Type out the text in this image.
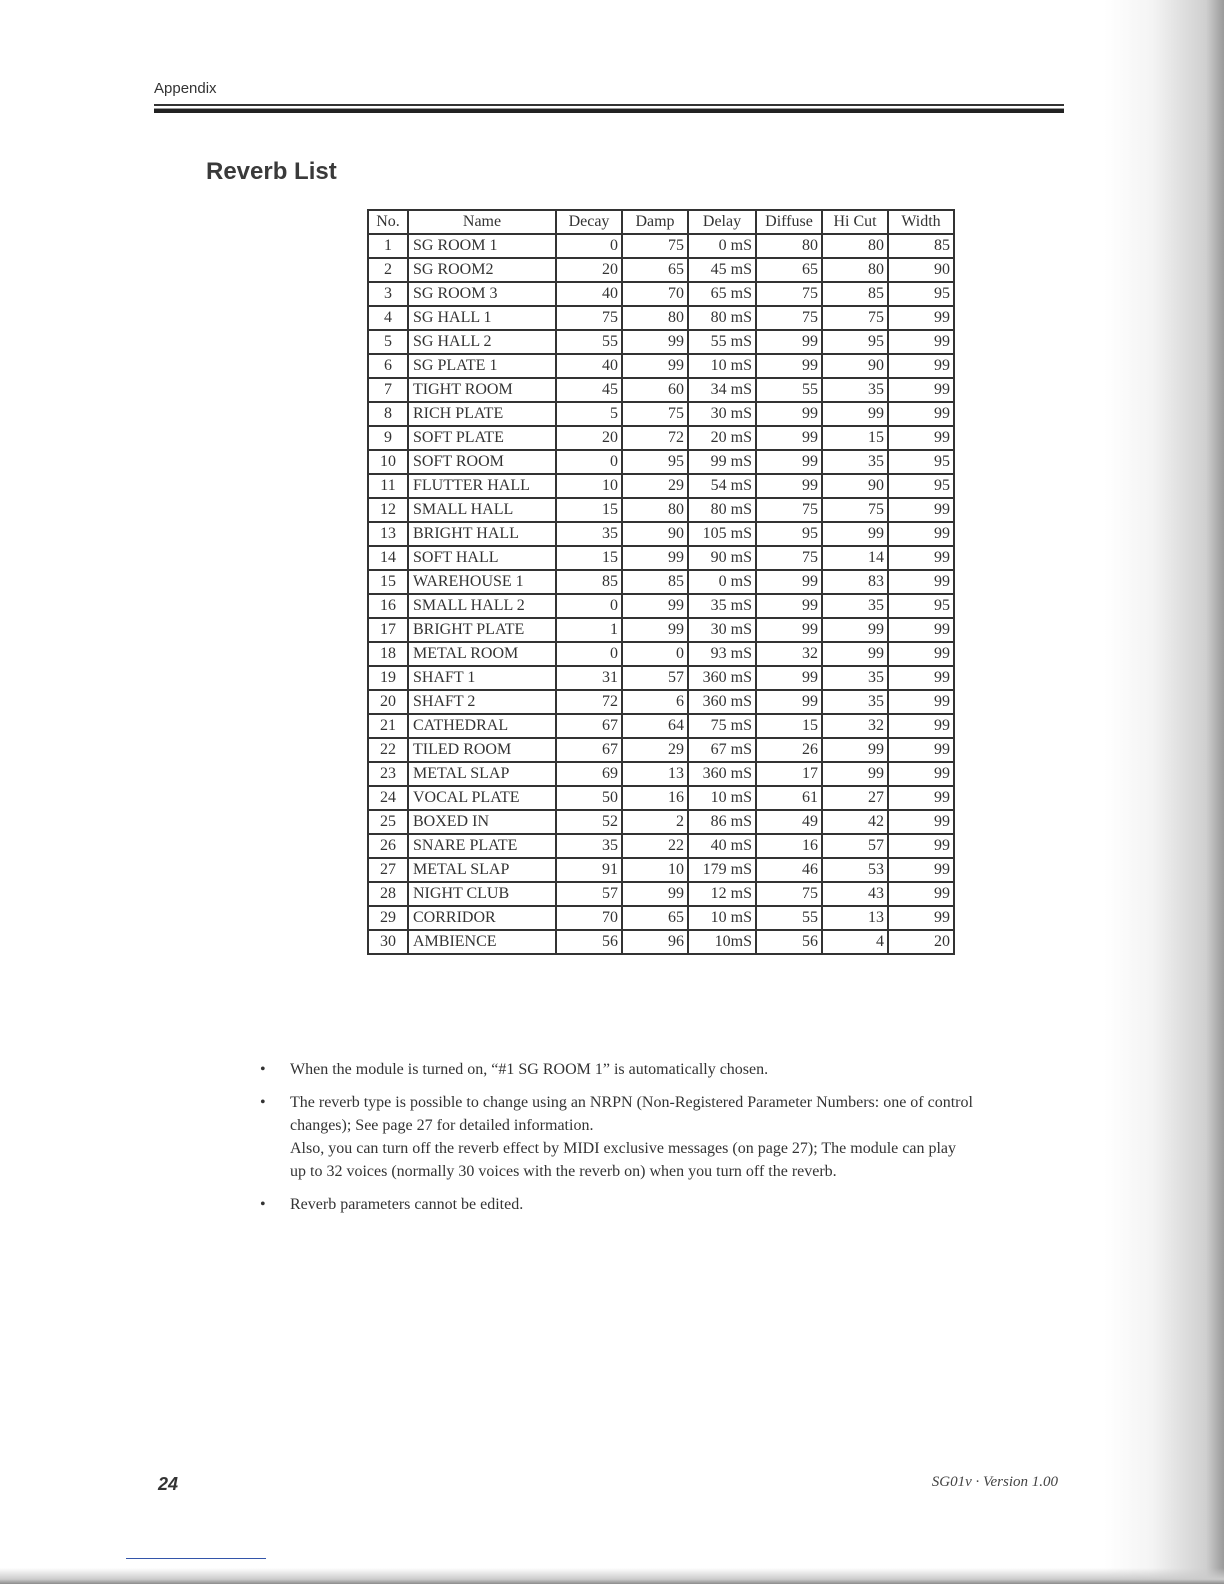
Appendix
Reverb List
No.	Name	Decay	Damp	Delay	Diffuse	Hi Cut	Width
1	SG ROOM 1	0	75	0 mS	80	80	85
2	SG ROOM2	20	65	45 mS	65	80	90
3	SG ROOM 3	40	70	65 mS	75	85	95
4	SG HALL 1	75	80	80 mS	75	75	99
5	SG HALL 2	55	99	55 mS	99	95	99
6	SG PLATE 1	40	99	10 mS	99	90	99
7	TIGHT ROOM	45	60	34 mS	55	35	99
8	RICH PLATE	5	75	30 mS	99	99	99
9	SOFT PLATE	20	72	20 mS	99	15	99
10	SOFT ROOM	0	95	99 mS	99	35	95
11	FLUTTER HALL	10	29	54 mS	99	90	95
12	SMALL HALL	15	80	80 mS	75	75	99
13	BRIGHT HALL	35	90	105 mS	95	99	99
14	SOFT HALL	15	99	90 mS	75	14	99
15	WAREHOUSE 1	85	85	0 mS	99	83	99
16	SMALL HALL 2	0	99	35 mS	99	35	95
17	BRIGHT PLATE	1	99	30 mS	99	99	99
18	METAL ROOM	0	0	93 mS	32	99	99
19	SHAFT 1	31	57	360 mS	99	35	99
20	SHAFT 2	72	6	360 mS	99	35	99
21	CATHEDRAL	67	64	75 mS	15	32	99
22	TILED ROOM	67	29	67 mS	26	99	99
23	METAL SLAP	69	13	360 mS	17	99	99
24	VOCAL PLATE	50	16	10 mS	61	27	99
25	BOXED IN	52	2	86 mS	49	42	99
26	SNARE PLATE	35	22	40 mS	16	57	99
27	METAL SLAP	91	10	179 mS	46	53	99
28	NIGHT CLUB	57	99	12 mS	75	43	99
29	CORRIDOR	70	65	10 mS	55	13	99
30	AMBIENCE	56	96	10mS	56	4	20
• When the module is turned on, “#1 SG ROOM 1” is automatically chosen.
• The reverb type is possible to change using an NRPN (Non-Registered Parameter Numbers: one of control
changes); See page 27 for detailed information.
Also, you can turn off the reverb effect by MIDI exclusive messages (on page 27); The module can play
up to 32 voices (normally 30 voices with the reverb on) when you turn off the reverb.
• Reverb parameters cannot be edited.
24	SG01v · Version 1.00
